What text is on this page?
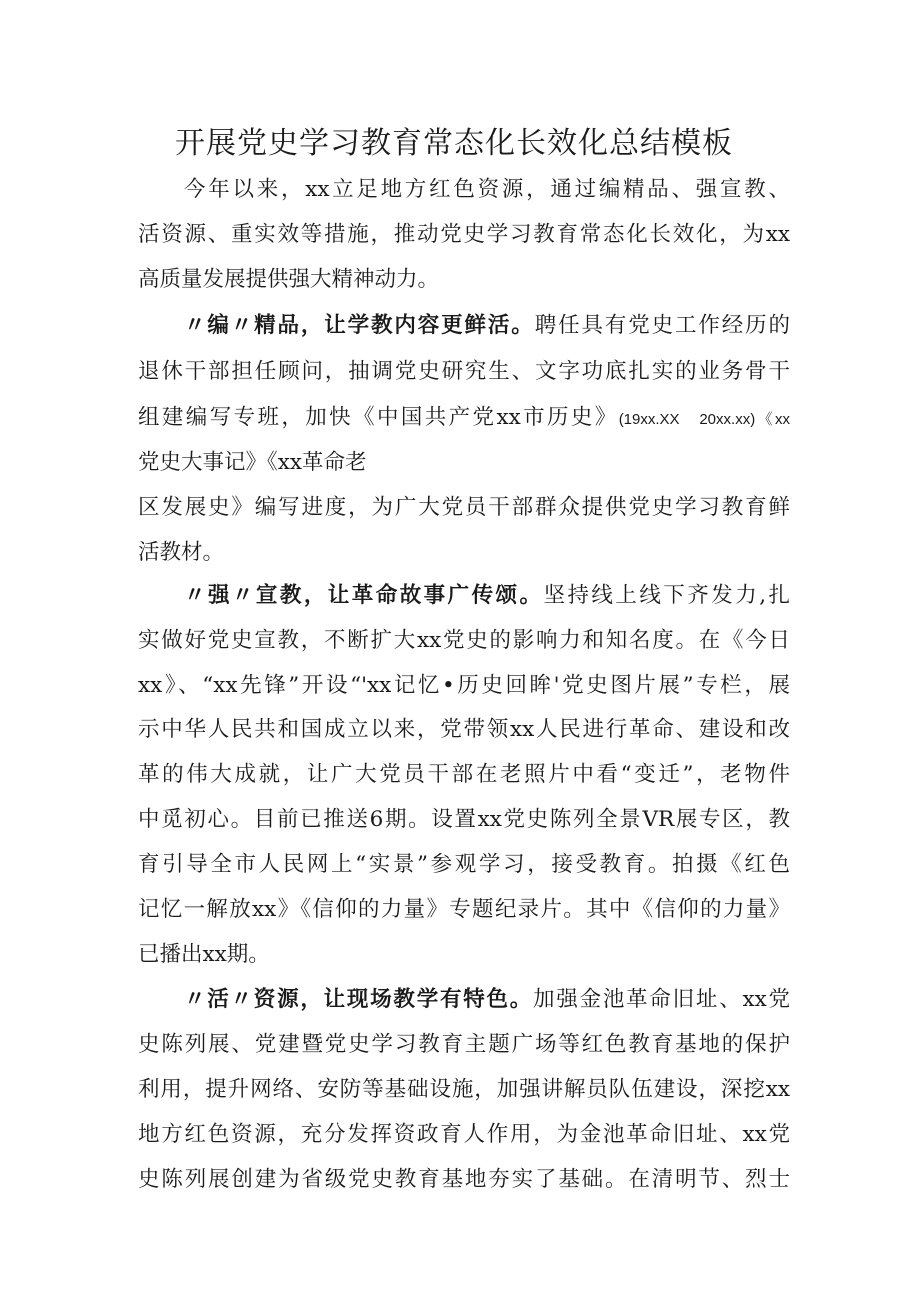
开展党史学习教育常态化长效化总结模板

今年以来，xx立足地方红色资源，通过编精品、强宣教、

活资源、重实效等措施，推动党史学习教育常态化长效化，为xx

高质量发展提供强大精神动力。

〃编〃精品，让学教内容更鲜活。聘任具有党史工作经历的

退休干部担任顾问，抽调党史研究生、文字功底扎实的业务骨干

组建编写专班，加快《中国共产党xx市历史》(19xx.XX　20xx.xx)《xx

党史大事记》《xx革命老

区发展史》编写进度，为广大党员干部群众提供党史学习教育鲜

活教材。

〃强〃宣教，让革命故事广传颂。坚持线上线下齐发力,扎

实做好党史宣教，不断扩大xx党史的影响力和知名度。在《今日

xx》、“xx先锋”开设“'xx记忆•历史回眸'党史图片展”专栏，展

示中华人民共和国成立以来，党带领xx人民进行革命、建设和改

革的伟大成就，让广大党员干部在老照片中看“变迁”，老物件

中觅初心。目前已推送6期。设置xx党史陈列全景VR展专区，教

育引导全市人民网上“实景”参观学习，接受教育。拍摄《红色

记忆一解放xx》《信仰的力量》专题纪录片。其中《信仰的力量》

已播出xx期。

〃活〃资源，让现场教学有特色。加强金池革命旧址、xx党

史陈列展、党建暨党史学习教育主题广场等红色教育基地的保护

利用，提升网络、安防等基础设施，加强讲解员队伍建设，深挖xx

地方红色资源，充分发挥资政育人作用，为金池革命旧址、xx党

史陈列展创建为省级党史教育基地夯实了基础。在清明节、烈士
